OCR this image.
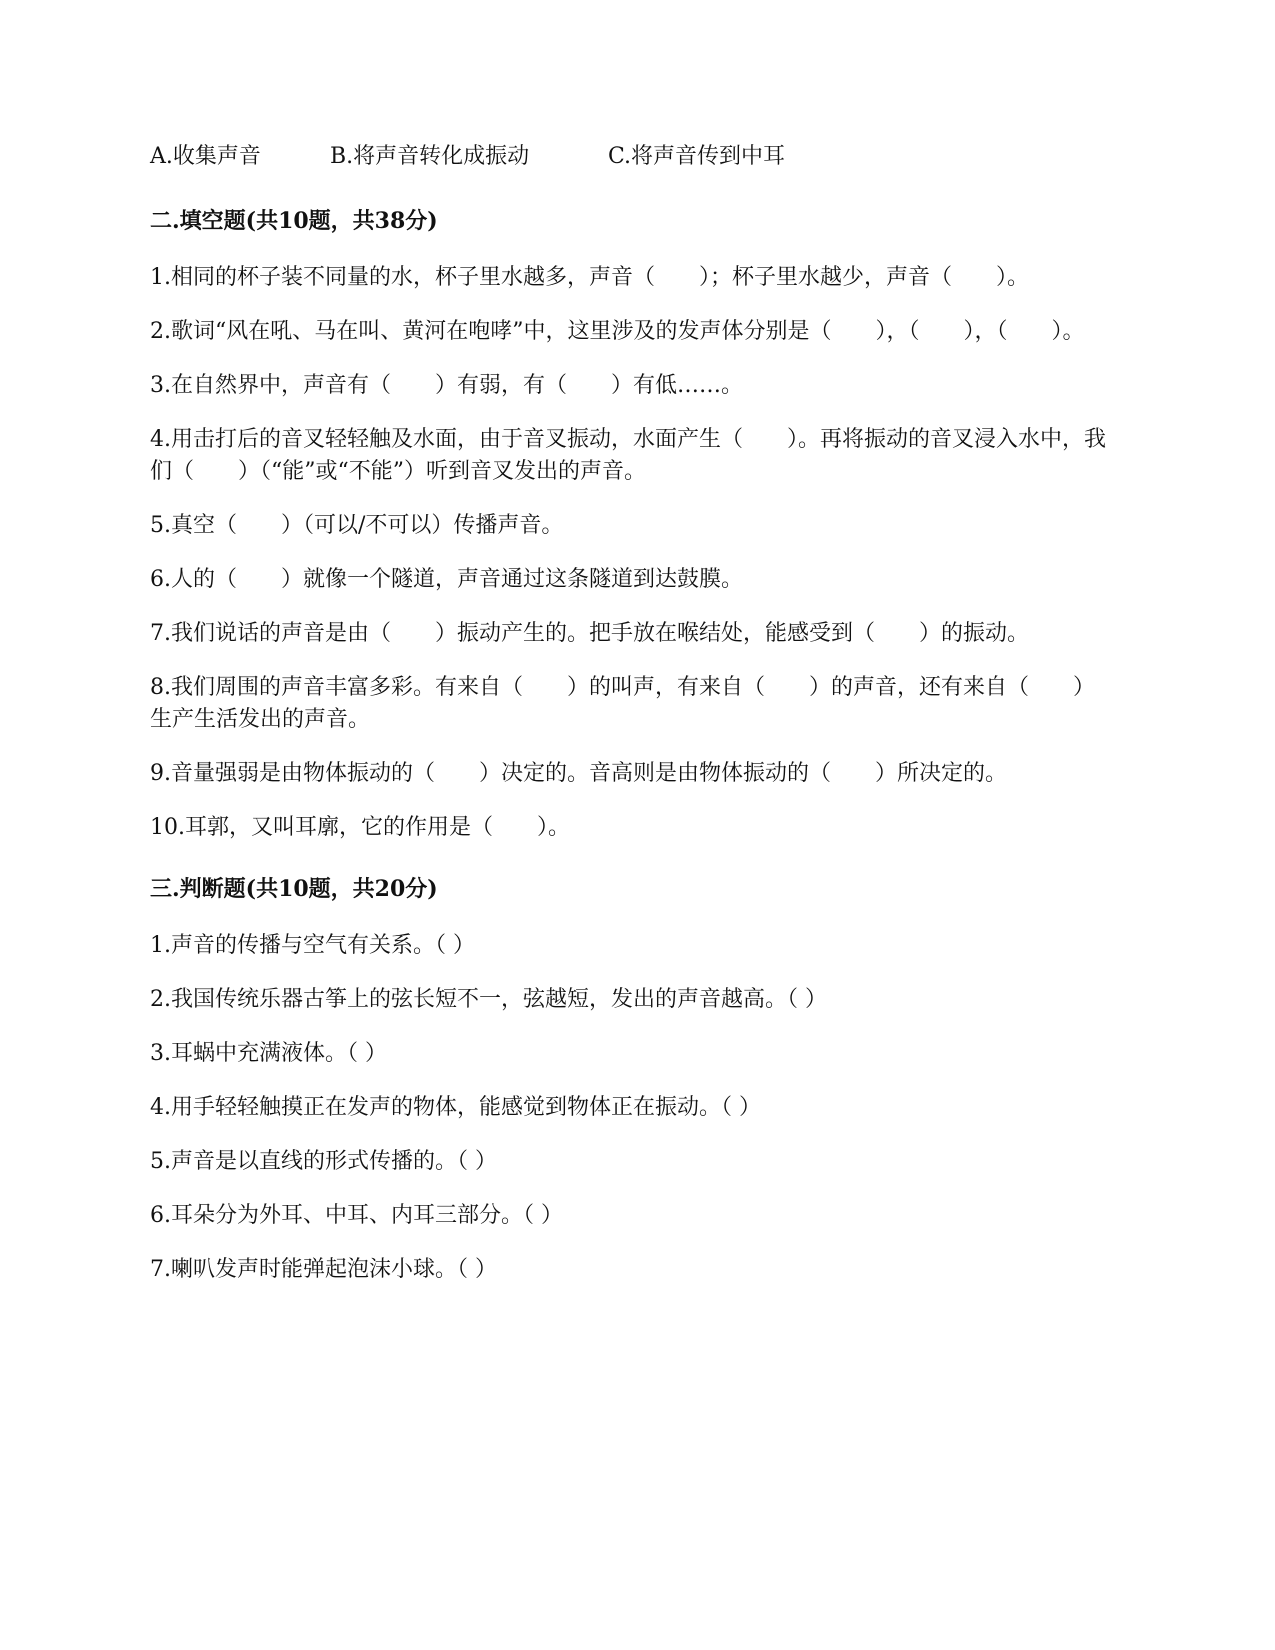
A.收集声音	B.将声音转化成振动	C.将声音传到中耳
二.填空题(共10题，共38分)
1.相同的杯子装不同量的水，杯子里水越多，声音（　　）；杯子里水越少，声音（　　）。
2.歌词“风在吼、马在叫、黄河在咆哮”中，这里涉及的发声体分别是（　　），（　　），（　　）。
3.在自然界中，声音有（　　）有弱，有（　　）有低……。
4.用击打后的音叉轻轻触及水面，由于音叉振动，水面产生（　　）。再将振动的音叉浸入水中，我们（　　）（“能”或“不能”）听到音叉发出的声音。
5.真空（　　）（可以/不可以）传播声音。
6.人的（　　）就像一个隧道，声音通过这条隧道到达鼓膜。
7.我们说话的声音是由（　　）振动产生的。把手放在喉结处，能感受到（　　）的振动。
8.我们周围的声音丰富多彩。有来自（　　）的叫声，有来自（　　）的声音，还有来自（　　）生产生活发出的声音。
9.音量强弱是由物体振动的（　　）决定的。音高则是由物体振动的（　　）所决定的。
10.耳郭，又叫耳廓，它的作用是（　　）。
三.判断题(共10题，共20分)
1.声音的传播与空气有关系。（ ）
2.我国传统乐器古筝上的弦长短不一，弦越短，发出的声音越高。（ ）
3.耳蜗中充满液体。（ ）
4.用手轻轻触摸正在发声的物体，能感觉到物体正在振动。（ ）
5.声音是以直线的形式传播的。（ ）
6.耳朵分为外耳、中耳、内耳三部分。（ ）
7.喇叭发声时能弹起泡沫小球。（ ）
